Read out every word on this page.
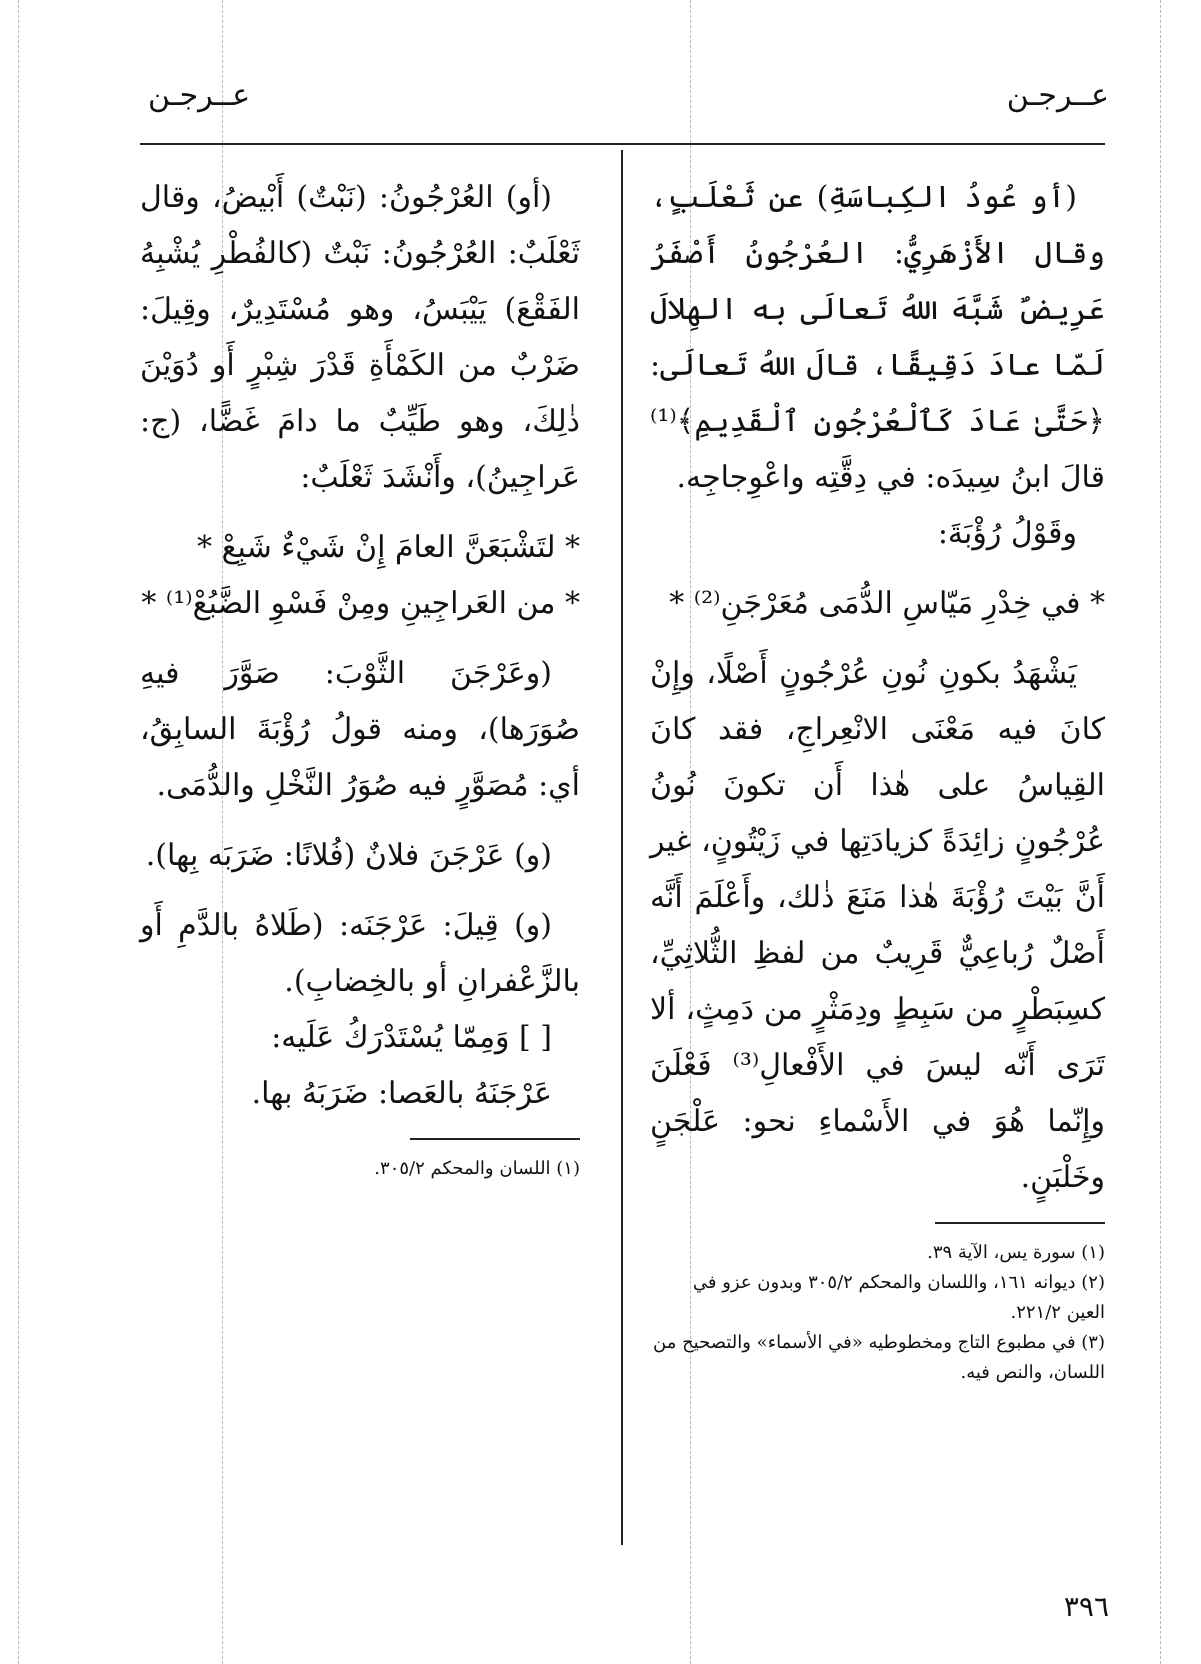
عــرجـن
عــرجـن

(أو عُودُ الكِباسَةِ) عن ثَعْلَبٍ، وقال الأَزْهَرِيُّ: العُرْجُونُ أَصْفَرُ عَرِيضٌ شَبَّهَ اللهُ تَعالَى به الهِلالَ لَمّا عادَ دَقِيقًا، قالَ اللهُ تَعالَى: ﴿حَتَّىٰ عَادَ كَٱلْعُرْجُونِ ٱلْقَدِيمِ﴾⁽¹⁾ قالَ ابنُ سِيدَه: في دِقَّتِه واعْوِجاجِه.

وقَوْلُ رُؤْبَةَ:

* في خِدْرِ مَيّاسِ الدُّمَى مُعَرْجَنِ⁽²⁾ *

يَشْهَدُ بكونِ نُونِ عُرْجُونٍ أَصْلًا، وإِنْ كانَ فيه مَعْنَى الانْعِراجِ، فقد كانَ القِياسُ على هٰذا أَن تكونَ نُونُ عُرْجُونٍ زائِدَةً كزيادَتِها في زَيْتُونٍ، غير أَنَّ بَيْتَ رُؤْبَةَ هٰذا مَنَعَ ذٰلك، وأَعْلَمَ أَنَّه أَصْلٌ رُباعِيٌّ قَرِيبٌ من لفظِ الثُّلاثِيِّ، كسِبَطْرٍ من سَبِطٍ ودِمَثْرٍ من دَمِثٍ، ألا تَرَى أَنّه ليسَ في الأَفْعالِ⁽³⁾ فَعْلَنَ وإِنّما هُوَ في الأَسْماءِ نحو: عَلْجَنٍ وخَلْبَنٍ.

(١) سورة يس، الآية ٣٩.

(٢) ديوانه ١٦١، واللسان والمحكم ٣٠٥/٢ وبدون عزو في العين ٢٢١/٢.

(٣) في مطبوع التاج ومخطوطيه «في الأسماء» والتصحيح من اللسان، والنص فيه.

(أو) العُرْجُونُ: (نَبْتٌ) أَبْيضُ، وقال ثَعْلَبٌ: العُرْجُونُ: نَبْتٌ (كالفُطْرِ يُشْبِهُ الفَقْعَ) يَيْبَسُ، وهو مُسْتَدِيرٌ، وقِيلَ: ضَرْبٌ من الكَمْأَةِ قَدْرَ شِبْرٍ أَو دُوَيْنَ ذٰلِكَ، وهو طَيِّبٌ ما دامَ غَضًّا، (ج: عَراجِينُ)، وأَنْشَدَ ثَعْلَبٌ:

* لتَشْبَعَنَّ العامَ إِنْ شَيْءٌ شَبِعْ *

* من العَراجِينِ ومِنْ فَسْوِ الضَّبُعْ⁽¹⁾ *

(وعَرْجَنَ الثَّوْبَ: صَوَّرَ فيهِ صُوَرَها)، ومنه قولُ رُؤْبَةَ السابِقُ، أي: مُصَوَّرٍ فيه صُوَرُ النَّخْلِ والدُّمَى.

(و) عَرْجَنَ فلانٌ (فُلانًا: ضَرَبَه بِها).

(و) قِيلَ: عَرْجَنَه: (طَلاهُ بالدَّمِ أَو بالزَّعْفرانِ أو بالخِضابِ).

[ ] وَمِمّا يُسْتَدْرَكُ عَلَيه:

عَرْجَنَهُ بالعَصا: ضَرَبَهُ بها.

(١) اللسان والمحكم ٣٠٥/٢.

٣٩٦
